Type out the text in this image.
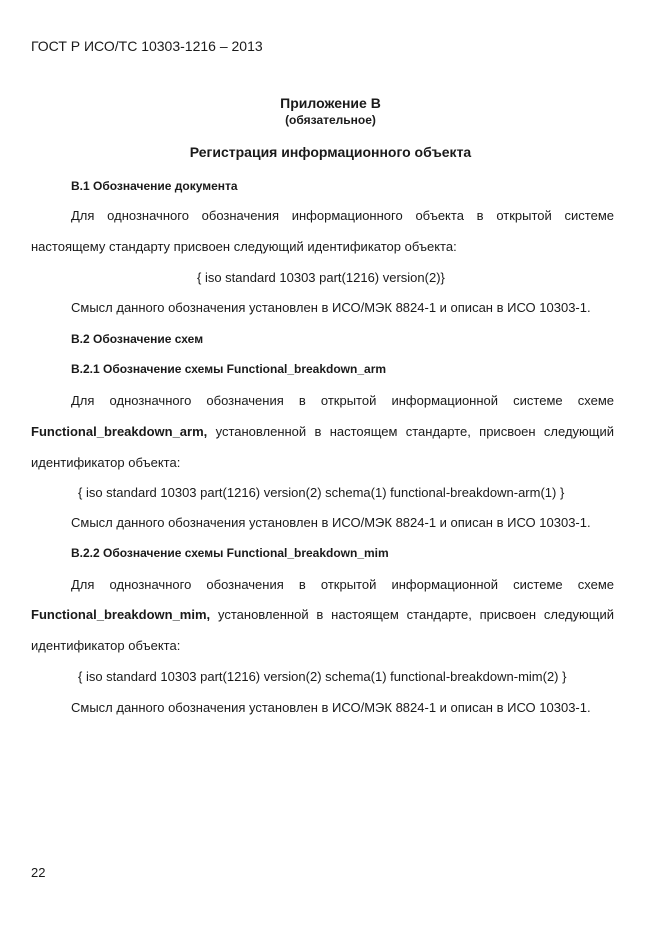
ГОСТ Р ИСО/ТС 10303-1216 – 2013
Приложение В
(обязательное)
Регистрация информационного объекта
В.1 Обозначение документа
Для однозначного обозначения информационного объекта в открытой системе
настоящему стандарту присвоен следующий идентификатор объекта:
{ iso standard 10303 part(1216) version(2)}
Смысл данного обозначения установлен в ИСО/МЭК 8824-1 и описан в ИСО 10303-1.
В.2 Обозначение схем
В.2.1 Обозначение схемы Functional_breakdown_arm
Для однозначного обозначения в открытой информационной системе схеме
Functional_breakdown_arm, установленной в настоящем стандарте, присвоен следующий
идентификатор объекта:
{ iso standard 10303 part(1216) version(2) schema(1) functional-breakdown-arm(1) }
Смысл данного обозначения установлен в ИСО/МЭК 8824-1 и описан в ИСО 10303-1.
В.2.2 Обозначение схемы Functional_breakdown_mim
Для однозначного обозначения в открытой информационной системе схеме
Functional_breakdown_mim, установленной в настоящем стандарте, присвоен следующий
идентификатор объекта:
{ iso standard 10303 part(1216) version(2) schema(1) functional-breakdown-mim(2) }
Смысл данного обозначения установлен в ИСО/МЭК 8824-1 и описан в ИСО 10303-1.
22
